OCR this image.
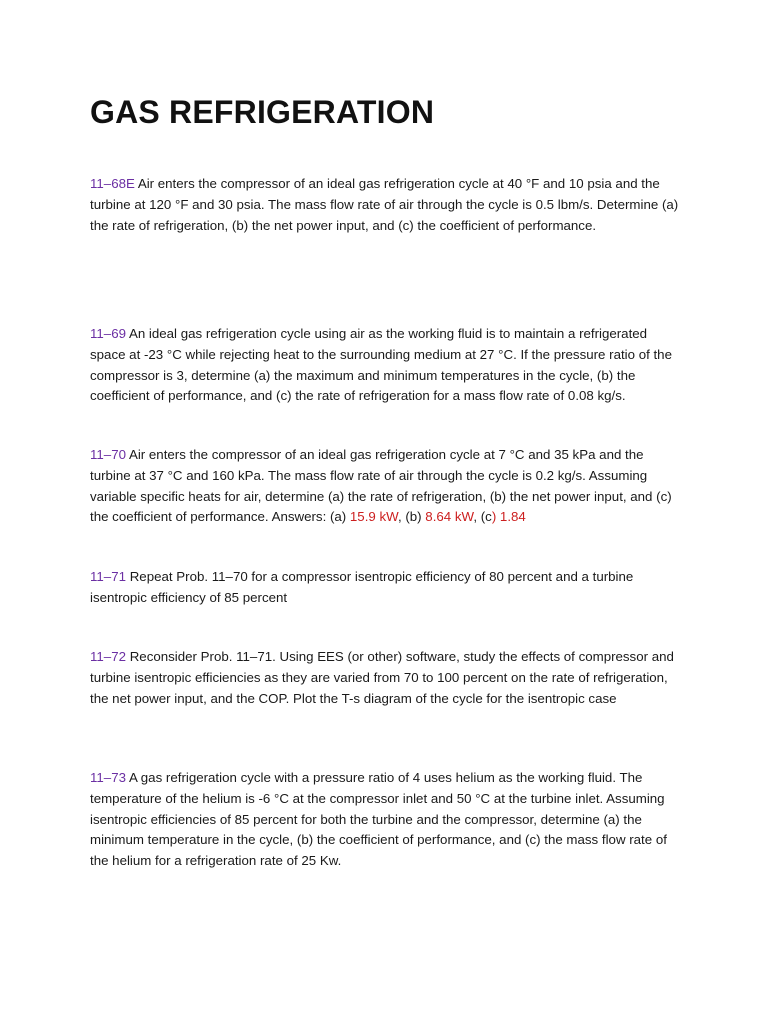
GAS REFRIGERATION

11–68E Air enters the compressor of an ideal gas refrigeration cycle at 40 °F and 10 psia and the turbine at 120 °F and 30 psia. The mass flow rate of air through the cycle is 0.5 lbm/s. Determine (a) the rate of refrigeration, (b) the net power input, and (c) the coefficient of performance.

11–69 An ideal gas refrigeration cycle using air as the working fluid is to maintain a refrigerated space at -23 °C while rejecting heat to the surrounding medium at 27 °C. If the pressure ratio of the compressor is 3, determine (a) the maximum and minimum temperatures in the cycle, (b) the coefficient of performance, and (c) the rate of refrigeration for a mass flow rate of 0.08 kg/s.

11–70 Air enters the compressor of an ideal gas refrigeration cycle at 7 °C and 35 kPa and the turbine at 37 °C and 160 kPa. The mass flow rate of air through the cycle is 0.2 kg/s. Assuming variable specific heats for air, determine (a) the rate of refrigeration, (b) the net power input, and (c) the coefficient of performance. Answers: (a) 15.9 kW, (b) 8.64 kW, (c) 1.84

11–71 Repeat Prob. 11–70 for a compressor isentropic efficiency of 80 percent and a turbine isentropic efficiency of 85 percent

11–72 Reconsider Prob. 11–71. Using EES (or other) software, study the effects of compressor and turbine isentropic efficiencies as they are varied from 70 to 100 percent on the rate of refrigeration, the net power input, and the COP. Plot the T-s diagram of the cycle for the isentropic case

11–73 A gas refrigeration cycle with a pressure ratio of 4 uses helium as the working fluid. The temperature of the helium is -6 °C at the compressor inlet and 50 °C at the turbine inlet. Assuming isentropic efficiencies of 85 percent for both the turbine and the compressor, determine (a) the minimum temperature in the cycle, (b) the coefficient of performance, and (c) the mass flow rate of the helium for a refrigeration rate of 25 Kw.
